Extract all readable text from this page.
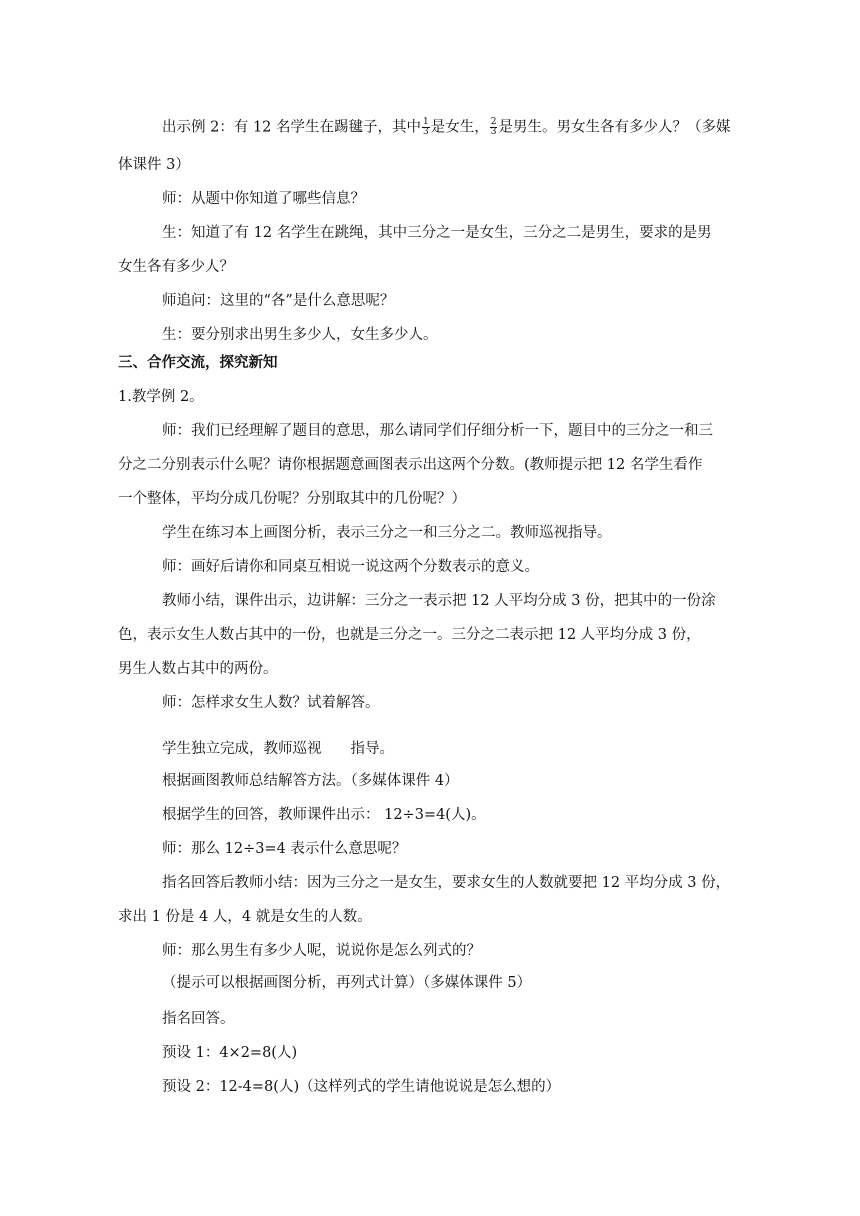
出示例 2：有 12 名学生在踢毽子，其中 $\frac{1}{3}$ 是女生， $\frac{2}{3}$ 是男生。男女生各有多少人？（多媒
体课件 3）
师：从题中你知道了哪些信息？
生：知道了有 12 名学生在跳绳，其中三分之一是女生，三分之二是男生，要求的是男
女生各有多少人？
师追问：这里的“各”是什么意思呢？
生：要分别求出男生多少人，女生多少人。
三、合作交流，探究新知
1.教学例 2。
师：我们已经理解了题目的意思，那么请同学们仔细分析一下，题目中的三分之一和三
分之二分别表示什么呢？请你根据题意画图表示出这两个分数。(教师提示把 12 名学生看作
一个整体，平均分成几份呢？分别取其中的几份呢？）
学生在练习本上画图分析，表示三分之一和三分之二。教师巡视指导。
师：画好后请你和同桌互相说一说这两个分数表示的意义。
教师小结，课件出示，边讲解：三分之一表示把 12 人平均分成 3 份，把其中的一份涂
色，表示女生人数占其中的一份，也就是三分之一。三分之二表示把 12 人平均分成 3 份，
男生人数占其中的两份。
师：怎样求女生人数？试着解答。
学生独立完成，教师巡视　　指导。
根据画图教师总结解答方法。（多媒体课件 4）
根据学生的回答，教师课件出示： 12÷3=4(人)。
师：那么 12÷3=4 表示什么意思呢？
指名回答后教师小结：因为三分之一是女生，要求女生的人数就要把 12 平均分成 3 份，
求出 1 份是 4 人，4 就是女生的人数。
师：那么男生有多少人呢，说说你是怎么列式的？
（提示可以根据画图分析，再列式计算）（多媒体课件 5）
指名回答。
预设 1：4×2=8(人)
预设 2：12-4=8(人)（这样列式的学生请他说说是怎么想的）
